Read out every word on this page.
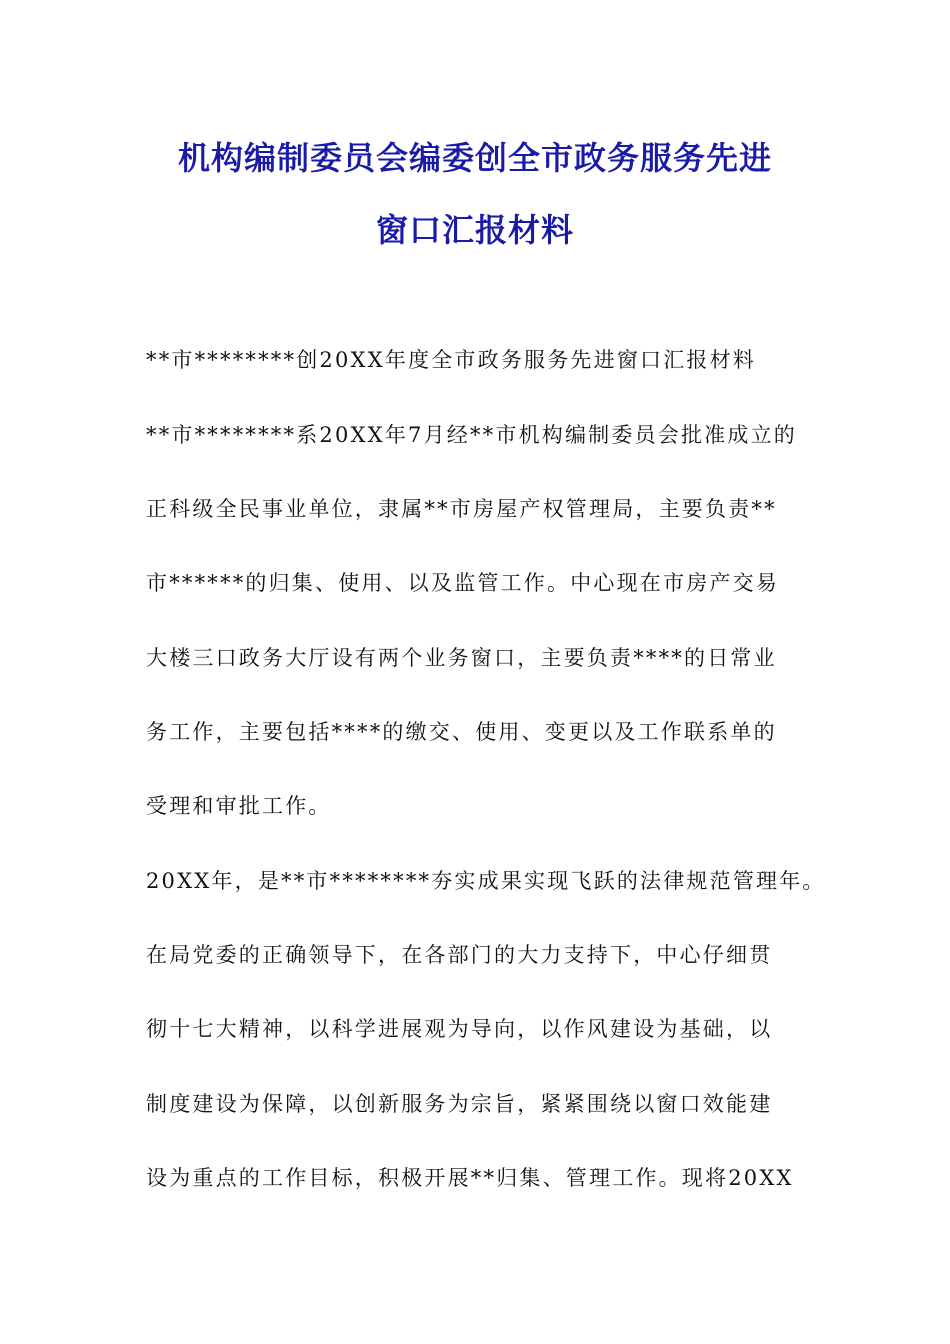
机构编制委员会编委创全市政务服务先进
窗口汇报材料
**市********创20XX年度全市政务服务先进窗口汇报材料
**市********系20XX年7月经**市机构编制委员会批准成立的
正科级全民事业单位，隶属**市房屋产权管理局，主要负责**
市******的归集、使用、以及监管工作。中心现在市房产交易
大楼三口政务大厅设有两个业务窗口，主要负责****的日常业
务工作，主要包括****的缴交、使用、变更以及工作联系单的
受理和审批工作。
20XX年，是**市********夯实成果实现飞跃的法律规范管理年。
在局党委的正确领导下，在各部门的大力支持下，中心仔细贯
彻十七大精神，以科学进展观为导向，以作风建设为基础，以
制度建设为保障，以创新服务为宗旨，紧紧围绕以窗口效能建
设为重点的工作目标，积极开展**归集、管理工作。现将20XX
